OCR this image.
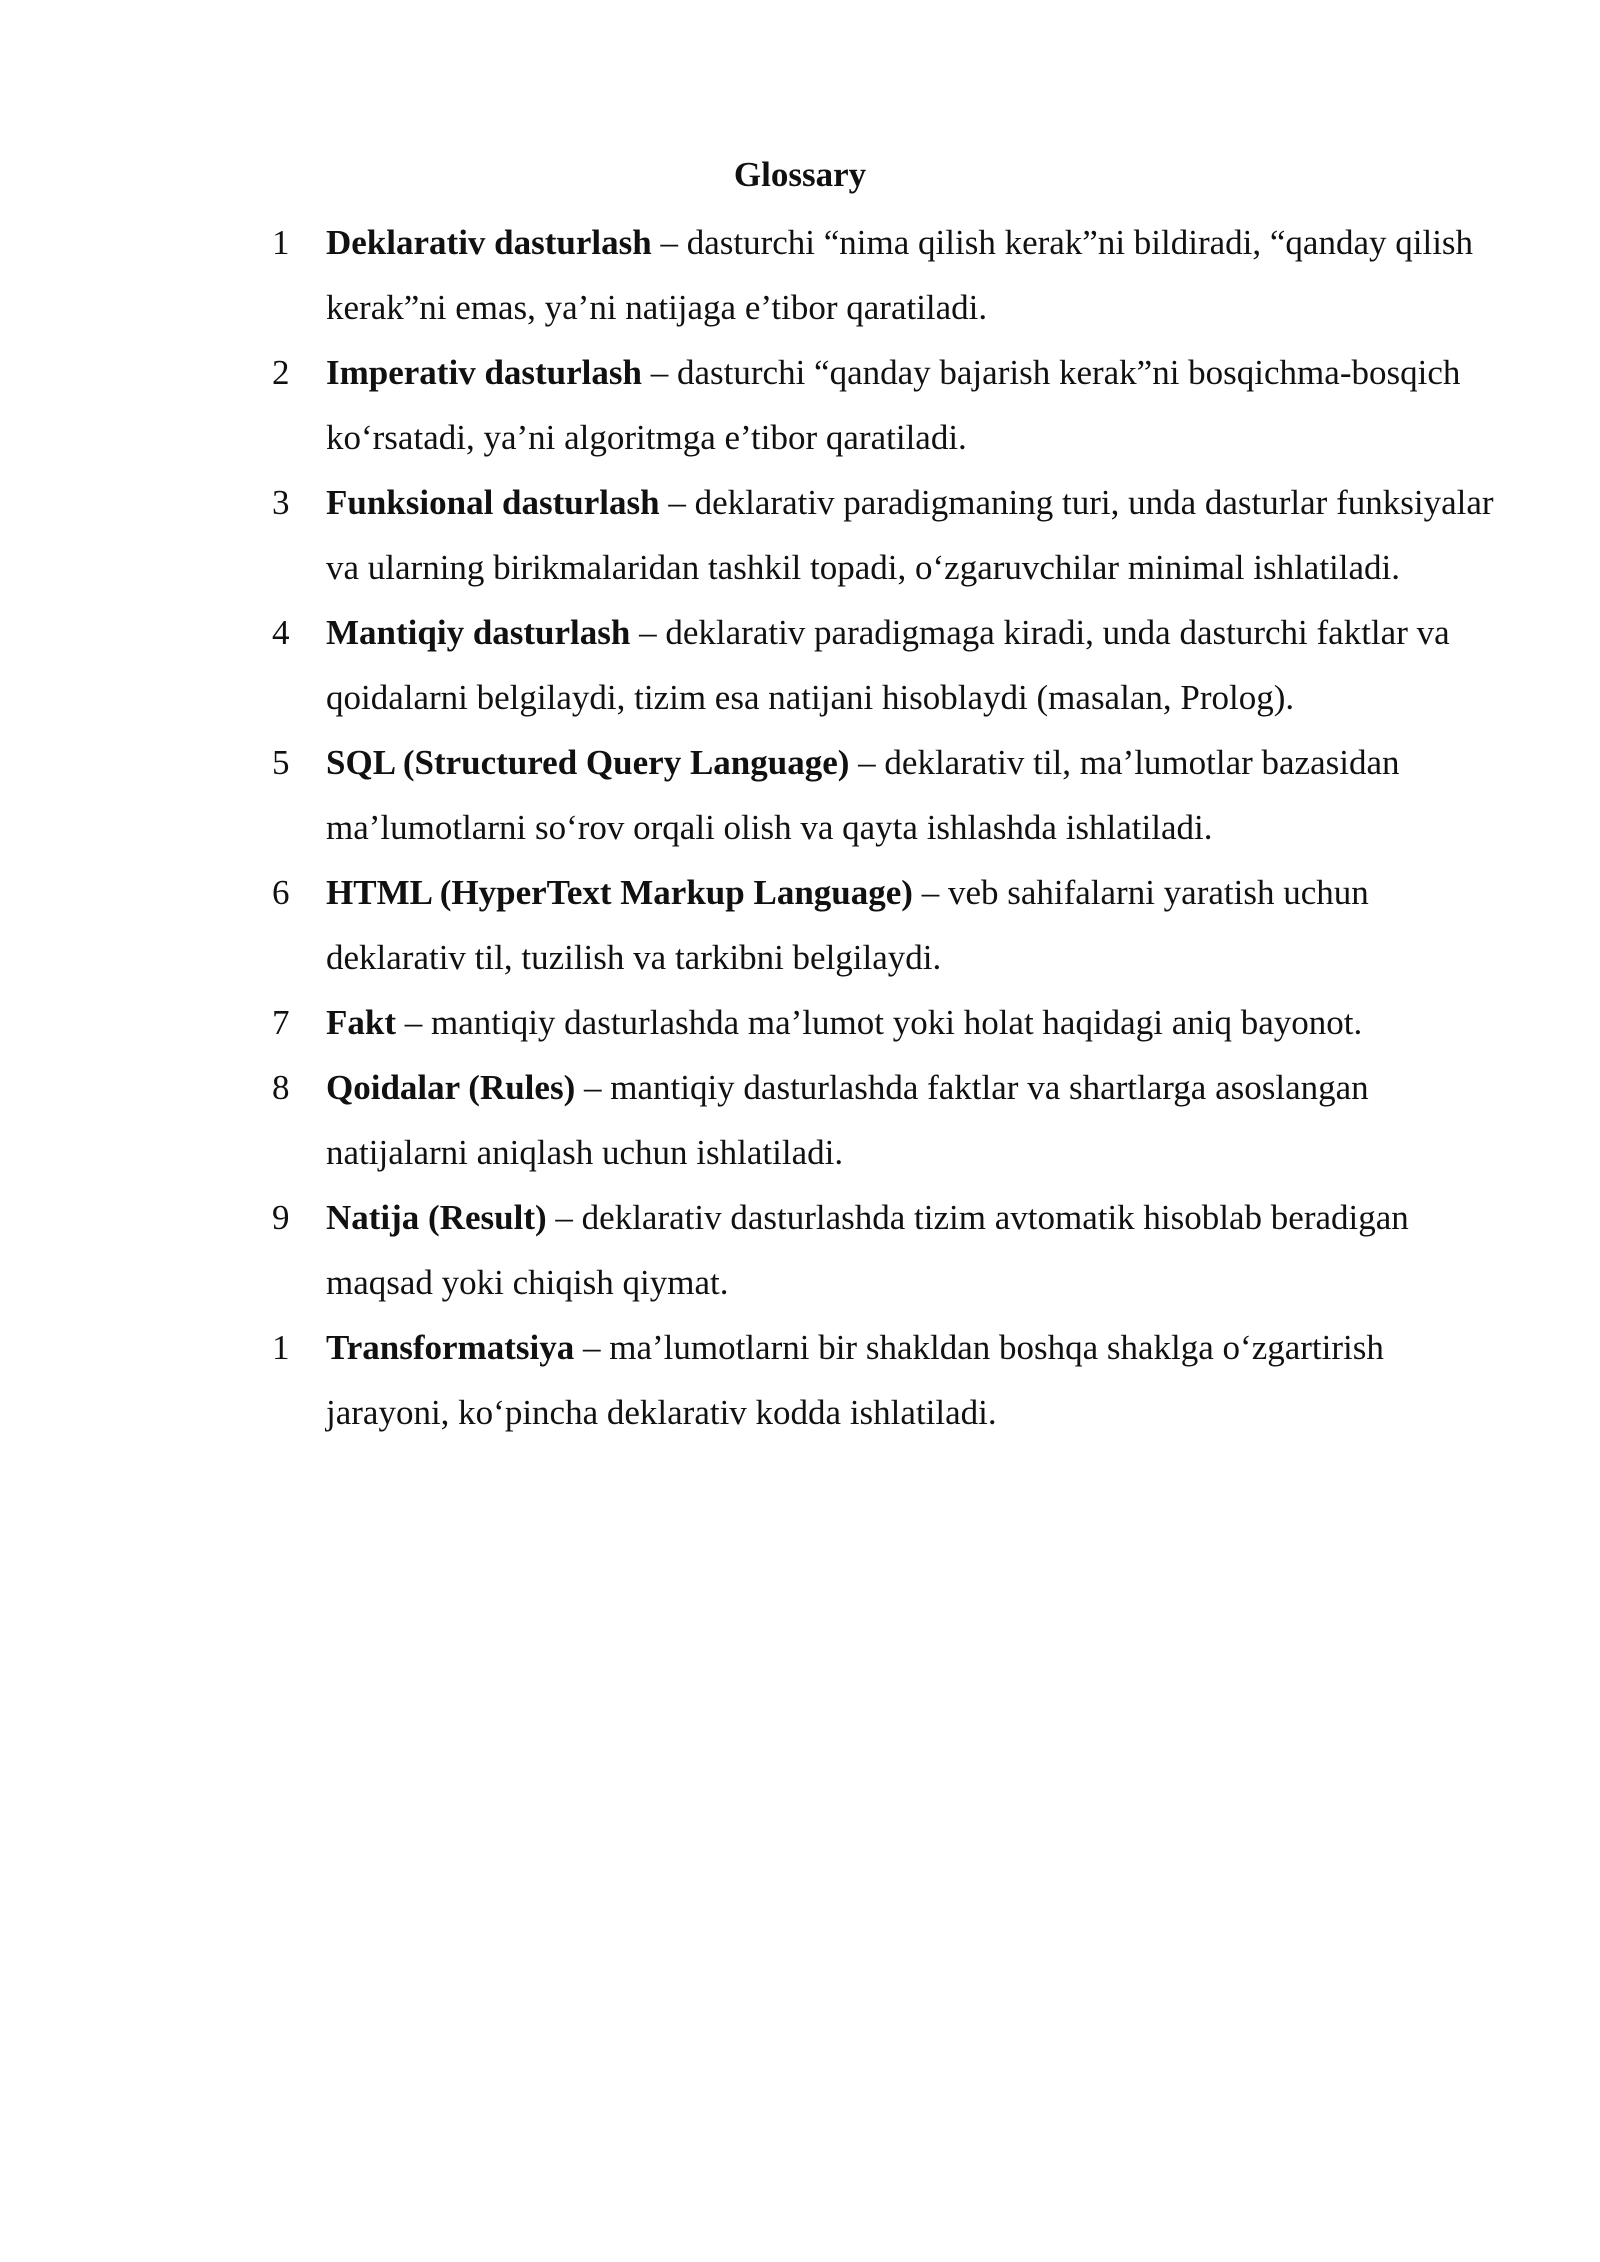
Glossary
1	Deklarativ dasturlash – dasturchi “nima qilish kerak”ni bildiradi, “qanday qilish kerak”ni emas, ya’ni natijaga e’tibor qaratiladi.
2	Imperativ dasturlash – dasturchi “qanday bajarish kerak”ni bosqichma-bosqich koʻrsatadi, ya’ni algoritmga e’tibor qaratiladi.
3	Funksional dasturlash – deklarativ paradigmaning turi, unda dasturlar funksiyalar va ularning birikmalaridan tashkil topadi, oʻzgaruvchilar minimal ishlatiladi.
4	Mantiqiy dasturlash – deklarativ paradigmaga kiradi, unda dasturchi faktlar va qoidalarni belgilaydi, tizim esa natijani hisoblaydi (masalan, Prolog).
5	SQL (Structured Query Language) – deklarativ til, ma’lumotlar bazasidan ma’lumotlarni soʻrov orqali olish va qayta ishlashda ishlatiladi.
6	HTML (HyperText Markup Language) – veb sahifalarni yaratish uchun deklarativ til, tuzilish va tarkibni belgilaydi.
7	Fakt – mantiqiy dasturlashda ma’lumot yoki holat haqidagi aniq bayonot.
8	Qoidalar (Rules) – mantiqiy dasturlashda faktlar va shartlarga asoslangan natijalarni aniqlash uchun ishlatiladi.
9	Natija (Result) – deklarativ dasturlashda tizim avtomatik hisoblab beradigan maqsad yoki chiqish qiymat.
1	Transformatsiya – ma’lumotlarni bir shakldan boshqa shaklga oʻzgartirish jarayoni, koʻpincha deklarativ kodda ishlatiladi.
